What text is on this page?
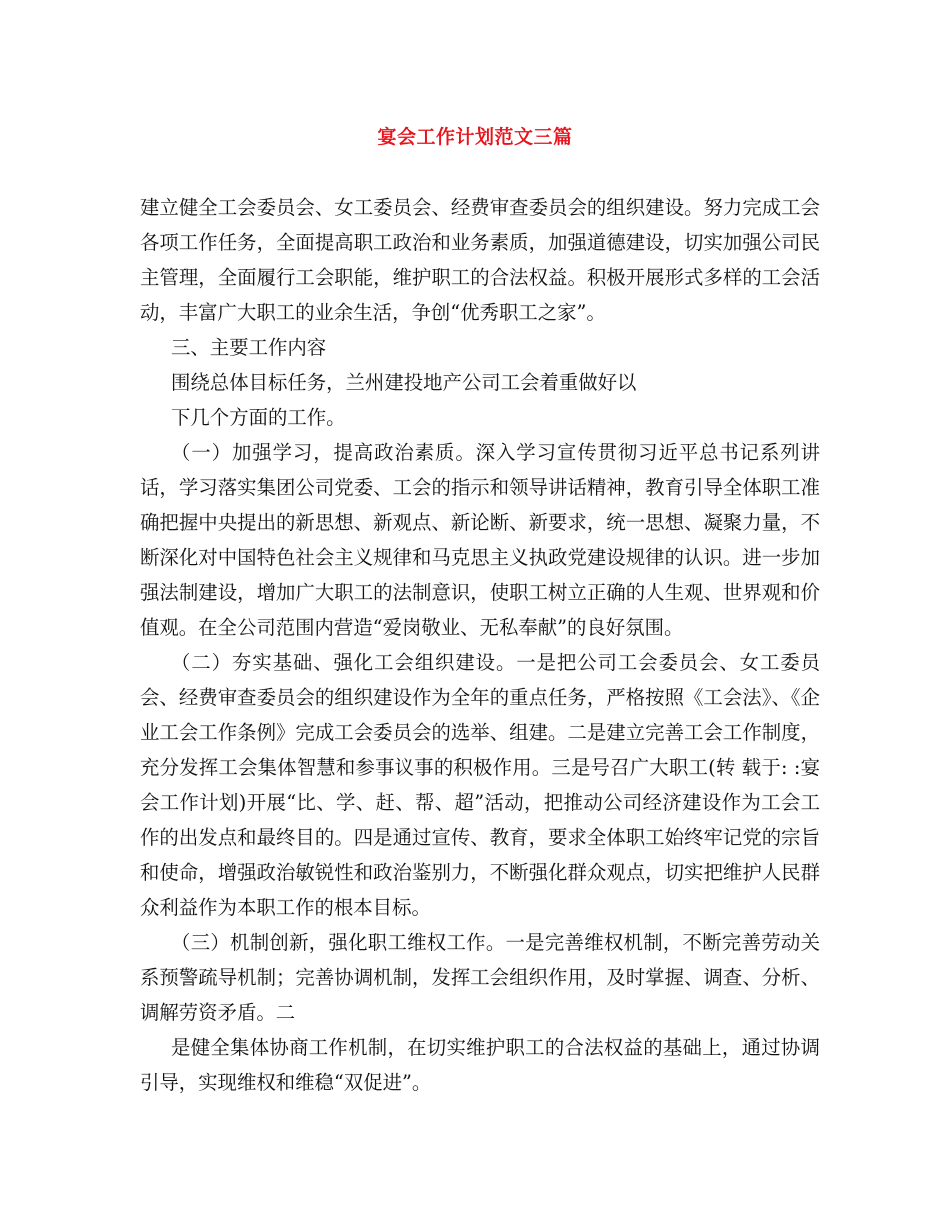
宴会工作计划范文三篇

建立健全工会委员会、女工委员会、经费审查委员会的组织建设。努力完成工会各项工作任务，全面提高职工政治和业务素质，加强道德建设，切实加强公司民主管理，全面履行工会职能，维护职工的合法权益。积极开展形式多样的工会活动，丰富广大职工的业余生活，争创“优秀职工之家”。

三、主要工作内容

围绕总体目标任务，兰州建投地产公司工会着重做好以

下几个方面的工作。

（一）加强学习，提高政治素质。深入学习宣传贯彻习近平总书记系列讲话，学习落实集团公司党委、工会的指示和领导讲话精神，教育引导全体职工准确把握中央提出的新思想、新观点、新论断、新要求，统一思想、凝聚力量，不断深化对中国特色社会主义规律和马克思主义执政党建设规律的认识。进一步加强法制建设，增加广大职工的法制意识，使职工树立正确的人生观、世界观和价值观。在全公司范围内营造“爱岗敬业、无私奉献”的良好氛围。

（二）夯实基础、强化工会组织建设。一是把公司工会委员会、女工委员会、经费审查委员会的组织建设作为全年的重点任务，严格按照《工会法》、《企业工会工作条例》完成工会委员会的选举、组建。二是建立完善工会工作制度，充分发挥工会集体智慧和参事议事的积极作用。三是号召广大职工(转 载于: :宴会工作计划)开展“比、学、赶、帮、超”活动，把推动公司经济建设作为工会工作的出发点和最终目的。四是通过宣传、教育，要求全体职工始终牢记党的宗旨和使命，增强政治敏锐性和政治鉴别力，不断强化群众观点，切实把维护人民群众利益作为本职工作的根本目标。

（三）机制创新，强化职工维权工作。一是完善维权机制，不断完善劳动关系预警疏导机制；完善协调机制，发挥工会组织作用，及时掌握、调查、分析、调解劳资矛盾。二

是健全集体协商工作机制，在切实维护职工的合法权益的基础上，通过协调引导，实现维权和维稳“双促进”。
